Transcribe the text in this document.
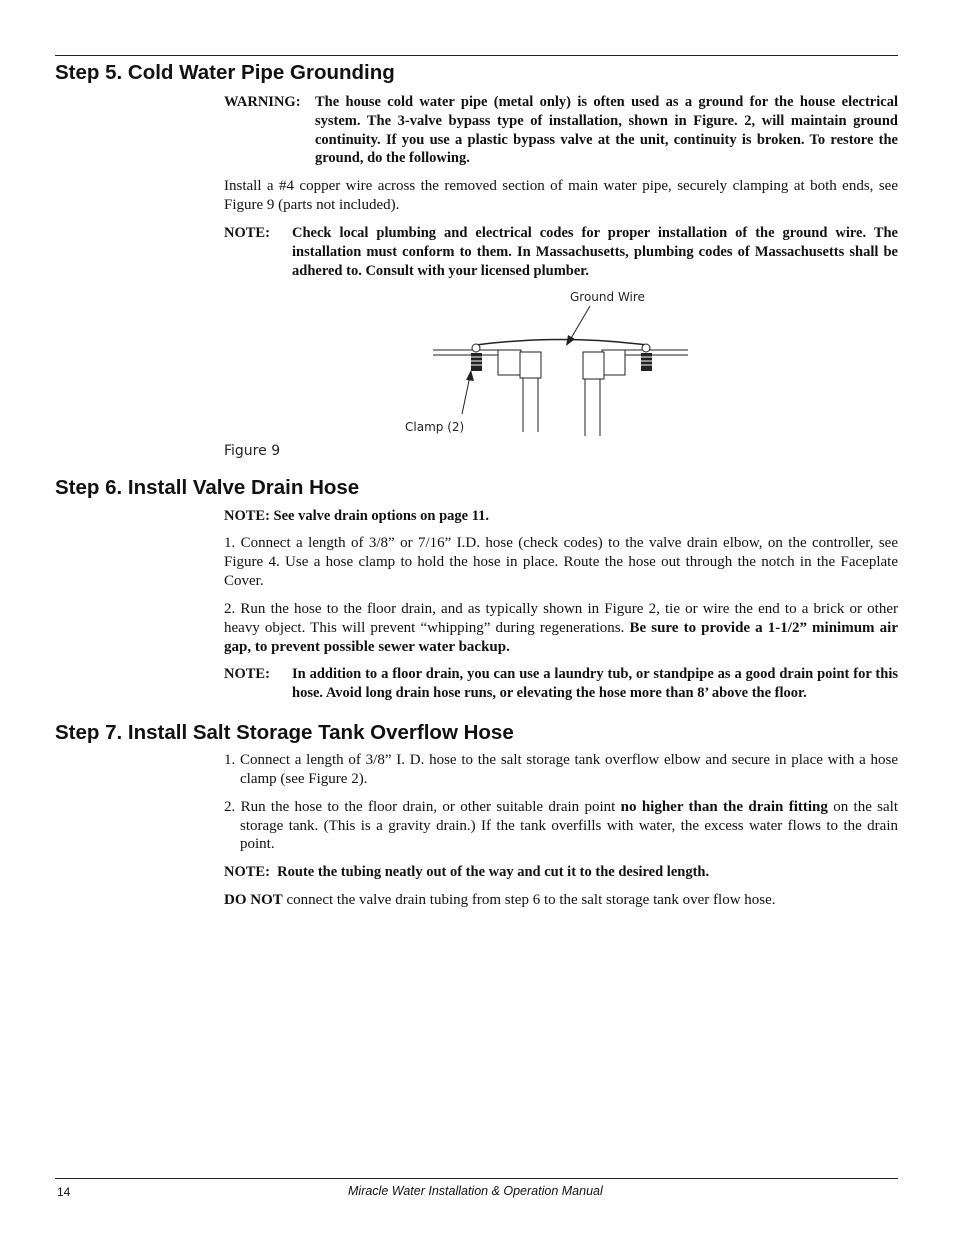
Step 5. Cold Water Pipe Grounding
WARNING: The house cold water pipe (metal only) is often used as a ground for the house electrical system. The 3-valve bypass type of installation, shown in Figure. 2, will maintain ground continuity. If you use a plastic bypass valve at the unit, continuity is broken. To restore the ground, do the following.

Install a #4 copper wire across the removed section of main water pipe, securely clamping at both ends, see Figure 9 (parts not included).

NOTE:	Check local plumbing and electrical codes for proper installation of the ground wire. The installation must conform to them. In Massachusetts, plumbing codes of Massachusetts shall be adhered to. Consult with your licensed plumber.
Ground Wire
Clamp (2)
Figure 9
Step 6. Install Valve Drain Hose

NOTE: See valve drain options on page 11.

1. Connect a length of 3/8” or 7/16” I.D. hose (check codes) to the valve drain elbow, on the controller, see Figure 4. Use a hose clamp to hold the hose in place. Route the hose out through the notch in the Faceplate Cover.

2. Run the hose to the floor drain, and as typically shown in Figure 2, tie or wire the end to a brick or other heavy object. This will prevent “whipping” during regenerations. Be sure to provide a 1-1/2” minimum air gap, to prevent possible sewer water backup.

NOTE:	In addition to a floor drain, you can use a laundry tub, or standpipe as a good drain point for this hose. Avoid long drain hose runs, or elevating the hose more than 8’ above the floor.
Step 7. Install Salt Storage Tank Overflow Hose

1. Connect a length of 3/8” I. D. hose to the salt storage tank overflow elbow and secure in place with a hose clamp (see Figure 2).

2. Run the hose to the floor drain, or other suitable drain point no higher than the drain fitting on the salt storage tank. (This is a gravity drain.) If the tank overfills with water, the excess water flows to the drain point.

NOTE:  Route the tubing neatly out of the way and cut it to the desired length.

DO NOT connect the valve drain tubing from step 6 to the salt storage tank over flow hose.

14	Miracle Water Installation & Operation Manual
